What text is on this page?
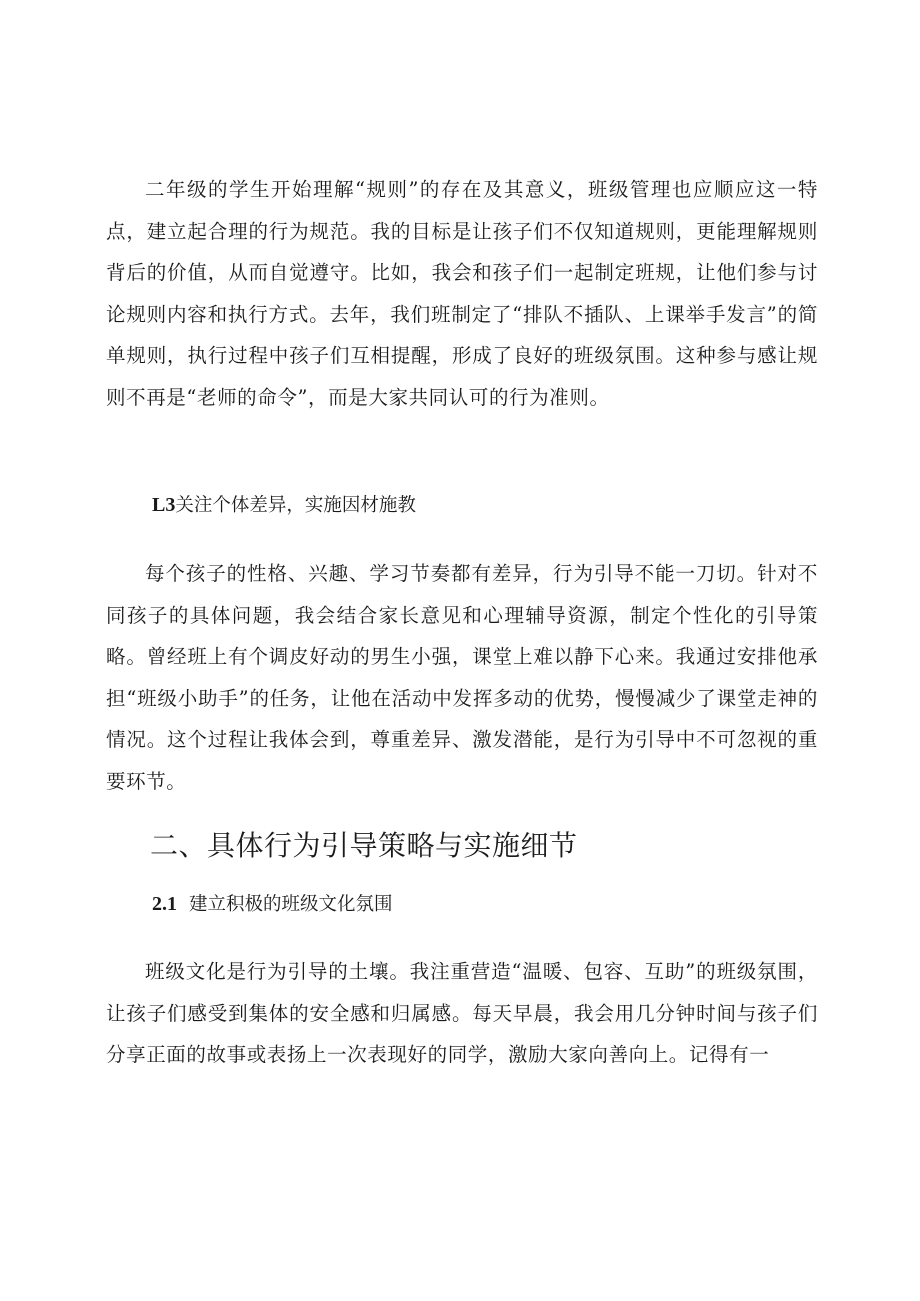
二年级的学生开始理解“规则”的存在及其意义，班级管理也应顺应这一特点，建立起合理的行为规范。我的目标是让孩子们不仅知道规则，更能理解规则背后的价值，从而自觉遵守。比如，我会和孩子们一起制定班规，让他们参与讨论规则内容和执行方式。去年，我们班制定了“排队不插队、上课举手发言”的简单规则，执行过程中孩子们互相提醒，形成了良好的班级氛围。这种参与感让规则不再是“老师的命令”，而是大家共同认可的行为准则。

L3关注个体差异，实施因材施教

每个孩子的性格、兴趣、学习节奏都有差异，行为引导不能一刀切。针对不同孩子的具体问题，我会结合家长意见和心理辅导资源，制定个性化的引导策略。曾经班上有个调皮好动的男生小强，课堂上难以静下心来。我通过安排他承担“班级小助手”的任务，让他在活动中发挥多动的优势，慢慢减少了课堂走神的情况。这个过程让我体会到，尊重差异、激发潜能，是行为引导中不可忽视的重要环节。

二、具体行为引导策略与实施细节
2.1 建立积极的班级文化氛围

班级文化是行为引导的土壤。我注重营造“温暖、包容、互助”的班级氛围，让孩子们感受到集体的安全感和归属感。每天早晨，我会用几分钟时间与孩子们分享正面的故事或表扬上一次表现好的同学，激励大家向善向上。记得有一
